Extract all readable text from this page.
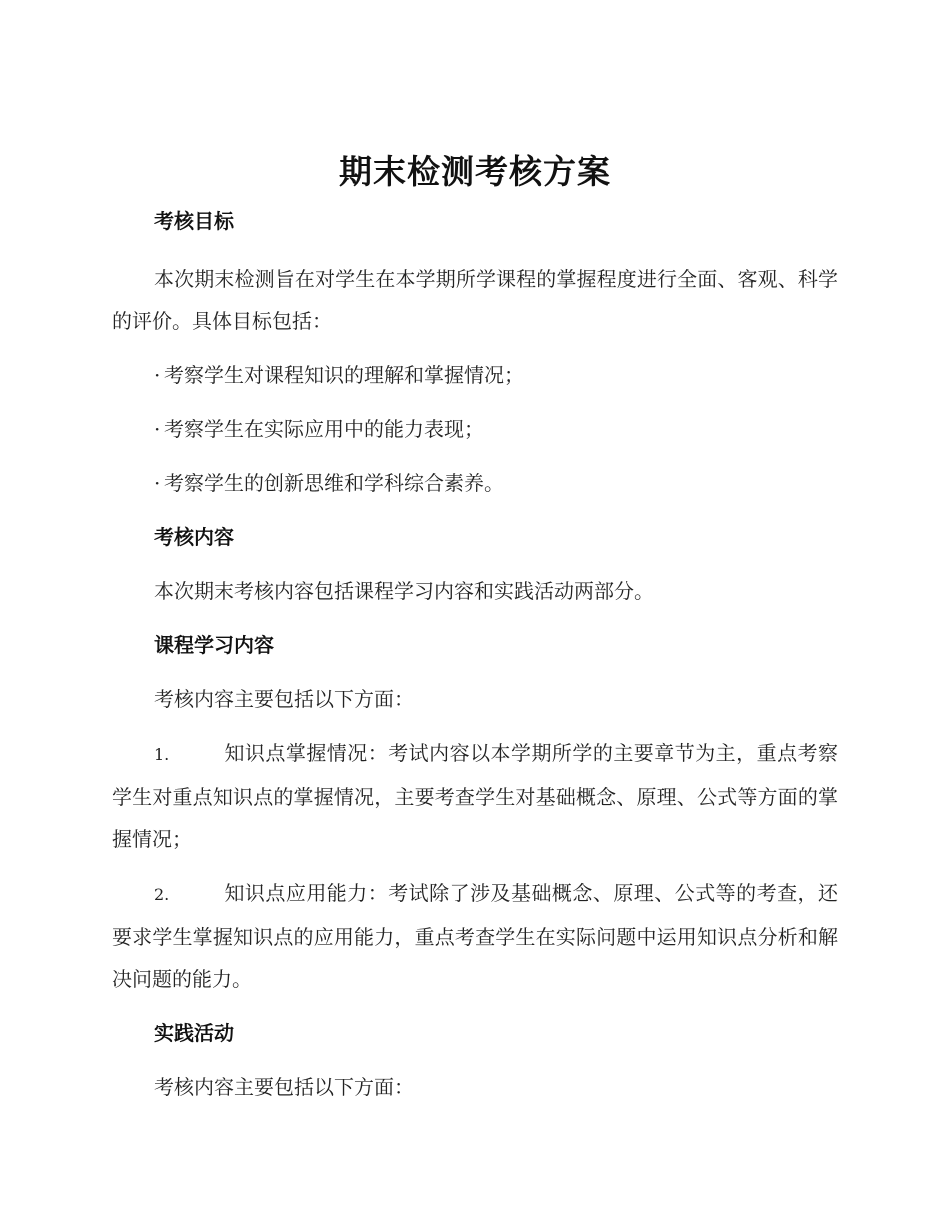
期末检测考核方案
考核目标

本次期末检测旨在对学生在本学期所学课程的掌握程度进行全面、客观、科学的评价。具体目标包括：

· 考察学生对课程知识的理解和掌握情况；

· 考察学生在实际应用中的能力表现；

· 考察学生的创新思维和学科综合素养。

考核内容

本次期末考核内容包括课程学习内容和实践活动两部分。

课程学习内容

考核内容主要包括以下方面：

1.	知识点掌握情况：考试内容以本学期所学的主要章节为主，重点考察学生对重点知识点的掌握情况，主要考查学生对基础概念、原理、公式等方面的掌握情况；

2.	知识点应用能力：考试除了涉及基础概念、原理、公式等的考查，还要求学生掌握知识点的应用能力，重点考查学生在实际问题中运用知识点分析和解决问题的能力。

实践活动

考核内容主要包括以下方面：
